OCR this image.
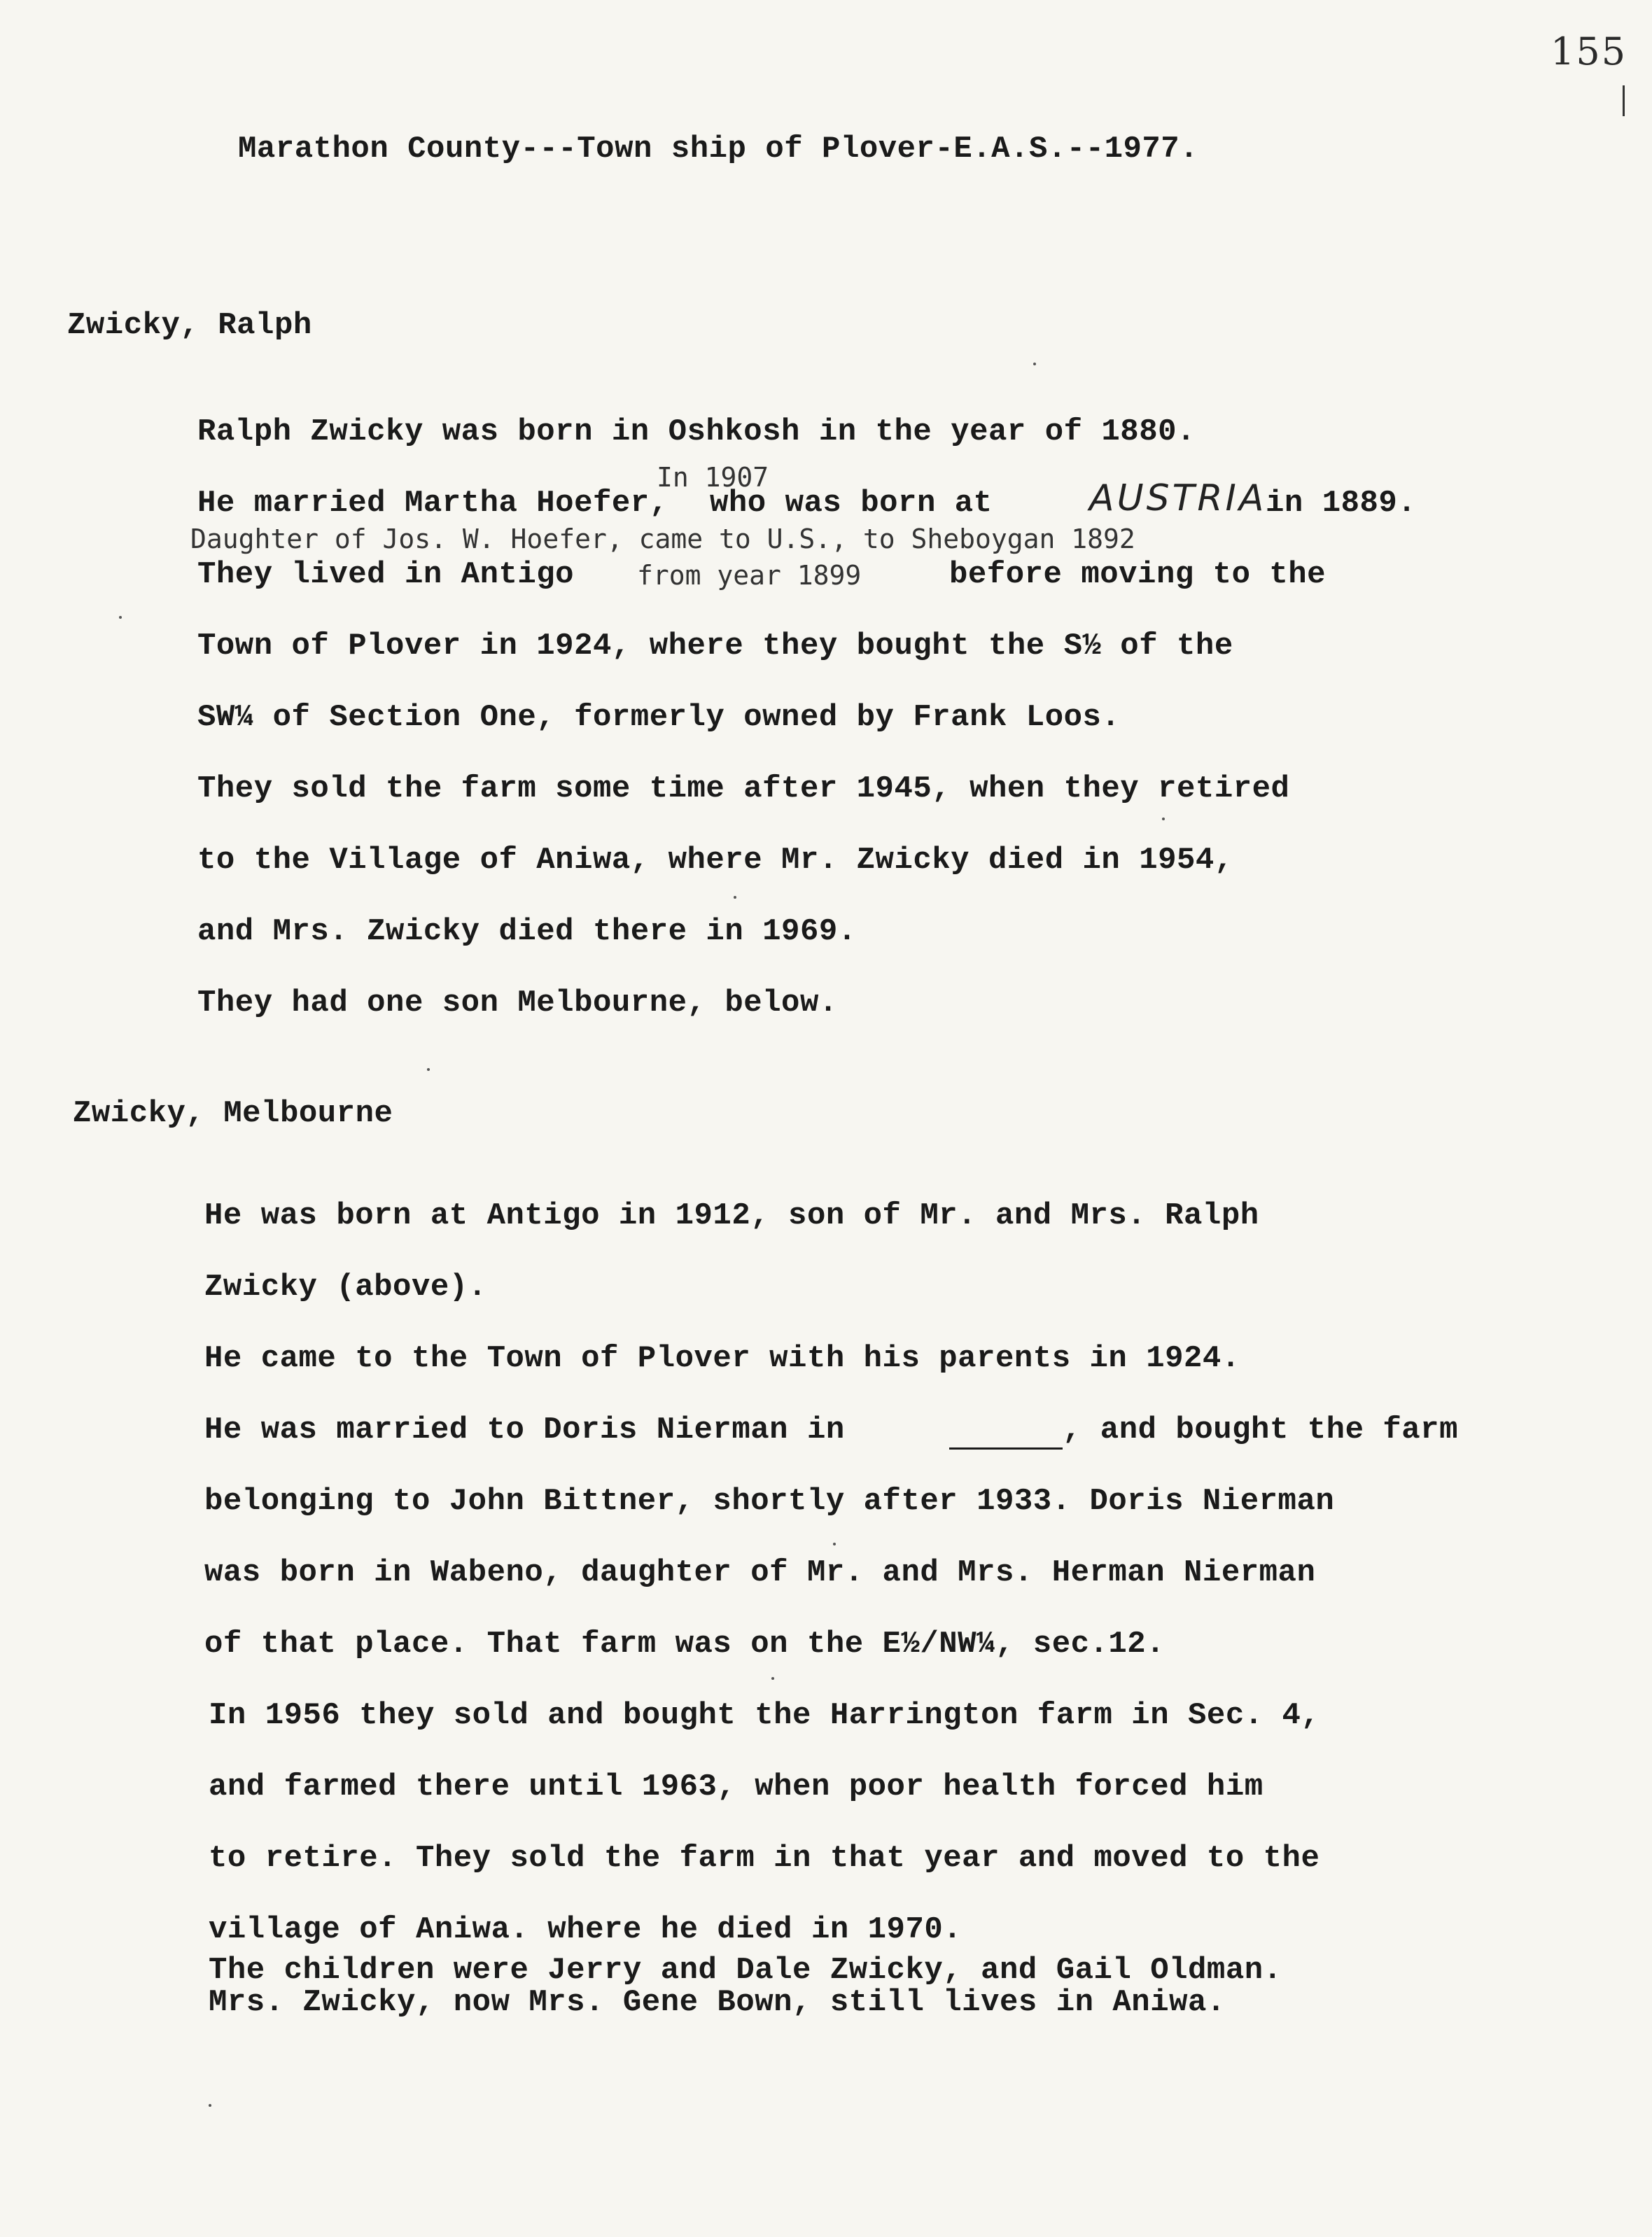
155
Marathon County---Town ship of Plover-E.A.S.--1977.
Zwicky, Ralph
Ralph Zwicky was born in Oshkosh in the year of 1880.
In 1907
He married Martha Hoefer, who was born at	AUSTRIA
in 1889.
Daughter of Jos. W. Hoefer, came to U.S., to Sheboygan 1892
They lived in Antigo from year 1899	before moving to the
Town of Plover in 1924, where they bought the S½ of the
SW¼ of Section One, formerly owned by Frank Loos.
They sold the farm some time after 1945, when they retired
to the Village of Aniwa, where Mr. Zwicky died in 1954,
and Mrs. Zwicky died there in 1969.
They had one son Melbourne, below.
Zwicky, Melbourne
He was born at Antigo in 1912, son of Mr. and Mrs. Ralph
Zwicky (above).
He came to the Town of Plover with his parents in 1924.
He was married to Doris Nierman in	, and bought the farm
belonging to John Bittner, shortly after 1933. Doris Nierman
was born in Wabeno, daughter of Mr. and Mrs. Herman Nierman
of that place. That farm was on the E½/NW¼, sec.12.
In 1956 they sold and bought the Harrington farm in Sec. 4,
and farmed there until 1963, when poor health forced him
to retire. They sold the farm in that year and moved to the
village of Aniwa. where he died in 1970.
The children were Jerry and Dale Zwicky, and Gail Oldman.
Mrs. Zwicky, now Mrs. Gene Bown, still lives in Aniwa.
